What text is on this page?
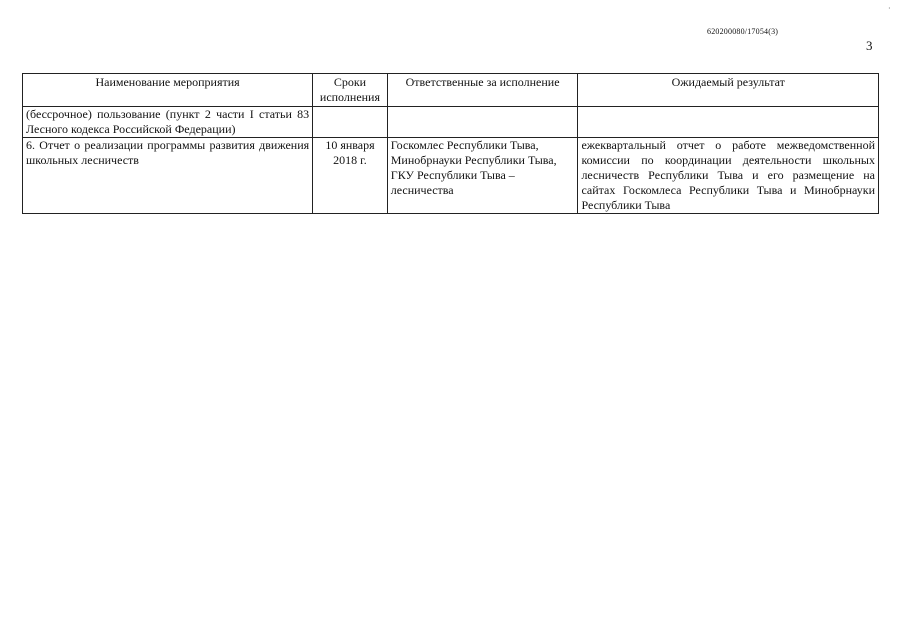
·
620200080/17054(3)
3
Наименование мероприятия	Сроки исполнения	Ответственные за исполнение	Ожидаемый результат
(бессрочное) пользование (пункт 2 части I статьи 83 Лесного кодекса Российской Федерации)			
6. Отчет о реализации программы развития движения школьных лесничеств	10 января 2018 г.	Госкомлес Республики Тыва, Минобрнауки Республики Тыва, ГКУ Республики Тыва – лесничества	ежеквартальный отчет о работе межведомственной комиссии по координации деятельности школьных лесничеств Республики Тыва и его размещение на сайтах Госкомлеса Республики Тыва и Минобрнауки Республики Тыва
